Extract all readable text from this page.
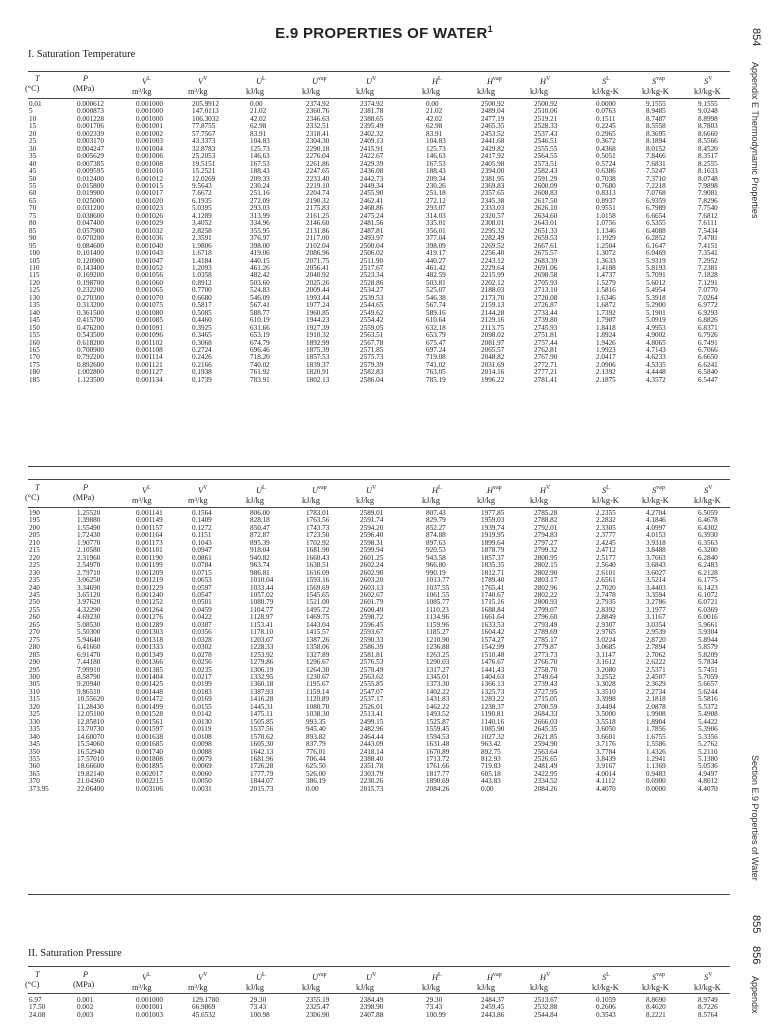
854
Appendix E Thermodynamic Properties
Section E.9 Properties of Water
855
856
Appendix
E.9 PROPERTIES OF WATER$^1$
I. Saturation Temperature
T
(°C)
P
(MPa)
$V^L$
m³/kg
$V^V$
m³/kg
$U^L$
kJ/kg
$U^{vap}$
kJ/kg
$U^V$
kJ/kg
$H^L$
kJ/kg
$H^{vap}$
kJ/kg
$H^V$
kJ/kg
$S^L$
kJ/kg-K
$S^{vap}$
kJ/kg-K
$S^V$
kJ/kg-K
0.01
5
10
15
20
25
30
35
40
45
50
55
60
65
70
75
80
85
90
95
100
105
110
115
120
125
130
135
140
145
150
155
160
165
170
175
180
185
0.000612
0.000873
0.001228
0.001706
0.002339
0.003170
0.004247
0.005629
0.007385
0.009595
0.012400
0.015800
0.019900
0.025000
0.031200
0.038600
0.047400
0.057900
0.070200
0.084600
0.101400
0.120900
0.143400
0.169200
0.198700
0.232200
0.270300
0.313200
0.361500
0.415700
0.476200
0.543500
0.618200
0.700900
0.792200
0.892600
1.002800
1.123500
0.001000
0.001000
0.001000
0.001001
0.001002
0.001003
0.001004
0.001006
0.001008
0.001010
0.001012
0.001015
0.001017
0.001020
0.001023
0.001026
0.001029
0.001032
0.001036
0.001040
0.001043
0.001047
0.001052
0.001056
0.001060
0.001065
0.001070
0.001075
0.001080
0.001085
0.001091
0.001096
0.001102
0.001108
0.001114
0.001121
0.001127
0.001134
205.9912
147.0113
106.3032
77.8755
57.7567
43.3373
32.8783
25.2053
19.5151
15.2521
12.0269
9.5643
7.6672
6.1935
5.0395
4.1289
3.4052
2.8258
2.3591
1.9806
1.6718
1.4184
1.2093
1.0358
0.8912
0.7700
0.6680
0.5817
0.5085
0.4460
0.3925
0.3465
0.3068
0.2724
0.2426
0.2166
0.1938
0.1739
0.00
21.02
42.02
62.98
83.91
104.83
125.73
146.63
167.53
188.43
209.33
230.24
251.16
272.09
293.03
313.99
334.96
355.95
376.97
398.00
419.06
440.15
461.26
482.42
503.60
524.83
546.09
567.41
588.77
610.19
631.66
653.19
674.79
696.46
718.20
740.02
761.92
783.91
2374.92
2360.76
2346.63
2332.51
2318.41
2304.30
2290.18
2276.04
2261.86
2247.65
2233.40
2219.10
2204.74
2190.32
2175.83
2161.25
2146.60
2131.86
2117.00
2102.04
2086.96
2071.75
2056.41
2040.92
2025.26
2009.44
1993.44
1977.24
1960.85
1944.23
1927.39
1910.32
1892.99
1875.39
1857.53
1839.37
1820.91
1802.13
2374.92
2381.78
2388.65
2395.49
2402.32
2409.13
2415.91
2422.67
2429.39
2436.08
2442.73
2449.34
2455.90
2462.41
2468.86
2475.24
2481.56
2487.81
2493.97
2500.04
2506.02
2511.90
2517.67
2523.34
2528.86
2534.27
2539.53
2544.65
2549.62
2554.42
2559.05
2563.51
2567.78
2571.85
2575.73
2579.39
2582.83
2586.04
0.00
21.02
42.02
62.98
83.91
104.83
125.73
146.63
167.53
188.43
209.34
230.26
251.18
272.12
293.07
314.03
335.01
356.01
377.04
398.09
419.17
440.27
461.42
482.59
503.81
525.07
546.38
567.74
589.16
610.64
632.18
653.79
675.47
697.24
719.08
741.02
763.05
785.19
2500.92
2489.04
2477.19
2465.35
2453.52
2441.68
2429.82
2417.92
2405.98
2394.00
2381.95
2369.83
2357.65
2345.38
2333.03
2320.57
2308.01
2295.32
2282.49
2269.52
2256.40
2243.12
2229.64
2215.99
2202.12
2188.03
2173.70
2159.13
2144.28
2129.16
2113.75
2098.02
2081.97
2065.57
2048.82
2031.69
2014.16
1996.22
2500.92
2510.06
2519.21
2528.33
2537.43
2546.51
2555.55
2564.55
2573.51
2582.43
2591.29
2600.09
2608.83
2617.50
2626.10
2634.60
2643.01
2651.33
2659.53
2667.61
2675.57
2683.39
2691.06
2698.58
2705.93
2713.10
2720.08
2726.87
2733.44
2739.80
2745.93
2751.81
2757.44
2762.81
2767.90
2772.71
2777.21
2781.41
0.0000
0.0763
0.1511
0.2245
0.2965
0.3672
0.4368
0.5051
0.5724
0.6386
0.7038
0.7680
0.8313
0.8937
0.9551
1.0158
1.0756
1.1346
1.1929
1.2504
1.3072
1.3633
1.4188
1.4737
1.5279
1.5816
1.6346
1.6872
1.7392
1.7907
1.8418
1.8924
1.9426
1.9923
2.0417
2.0906
2.1392
2.1875
9.1555
8.9485
8.7487
8.5558
8.3695
8.1894
8.0152
7.8466
7.6831
7.5247
7.3710
7.2218
7.0768
6.9359
6.7989
6.6654
6.5355
6.4088
6.2852
6.1647
6.0469
5.9319
5.8193
5.7091
5.6012
5.4954
5.3918
5.2900
5.1901
5.0919
4.9953
4.9002
4.8065
4.7143
4.6233
4.5335
4.4448
4.3572
9.1555
9.0248
8.8998
8.7803
8.6660
8.5566
8.4520
8.3517
8.2555
8.1633
8.0748
7.9898
7.9081
7.8296
7.7540
7.6812
7.6111
7.5434
7.4781
7.4151
7.3541
7.2952
7.2381
7.1828
7.1291
7.0770
7.0264
6.9772
6.9293
6.8826
6.8371
6.7926
6.7491
6.7066
6.6650
6.6241
6.5840
6.5447
T
(°C)
P
(MPa)
$V^L$
m³/kg
$V^V$
m³/kg
$U^L$
kJ/kg
$U^{vap}$
kJ/kg
$U^V$
kJ/kg
$H^L$
kJ/kg
$H^{vap}$
kJ/kg
$H^V$
kJ/kg
$S^L$
kJ/kg-K
$S^{vap}$
kJ/kg-K
$S^V$
kJ/kg-K
190
195
200
205
210
215
220
225
230
235
240
245
250
255
260
265
270
275
280
285
290
295
300
305
310
315
320
325
330
335
340
345
350
355
360
365
370
373.95
1.25520
1.39880
1.55490
1.72430
1.90770
2.10580
2.31960
2.54970
2.79710
3.06250
3.34690
3.65120
3.97620
4.32290
4.69230
5.08530
5.50300
5.94640
6.41660
6.91470
7.44180
7.99910
8.58790
9.20940
9.86510
10.55620
11.28430
12.05100
12.85810
13.70730
14.60070
15.54060
16.52940
17.57010
18.66600
19.82140
21.04360
22.06400
0.001141
0.001149
0.001157
0.001164
0.001173
0.001181
0.001190
0.001199
0.001209
0.001219
0.001229
0.001240
0.001252
0.001264
0.001276
0.001289
0.001303
0.001318
0.001333
0.001349
0.001366
0.001385
0.001404
0.001425
0.001448
0.001472
0.001499
0.001528
0.001561
0.001597
0.001638
0.001685
0.001740
0.001808
0.001895
0.002017
0.002215
0.003106
0.1564
0.1409
0.1272
0.1151
0.1043
0.0947
0.0861
0.0784
0.0715
0.0653
0.0597
0.0547
0.0501
0.0459
0.0422
0.0387
0.0356
0.0328
0.0302
0.0278
0.0256
0.0235
0.0217
0.0199
0.0183
0.0169
0.0155
0.0142
0.0130
0.0119
0.0108
0.0098
0.0088
0.0079
0.0069
0.0060
0.0050
0.0031
806.00
828.18
850.47
872.87
895.39
918.04
940.82
963.74
986.81
1010.04
1033.44
1057.02
1080.79
1104.77
1128.97
1153.41
1178.10
1203.07
1228.33
1253.92
1279.86
1306.19
1332.95
1360.18
1387.93
1416.28
1445.31
1475.11
1505.85
1537.56
1570.62
1605.30
1642.13
1681.96
1726.28
1777.79
1844.07
2015.73
1783.01
1763.56
1743.73
1723.50
1702.92
1681.90
1660.43
1638.51
1616.09
1593.16
1569.69
1545.65
1521.00
1495.72
1469.75
1443.04
1415.57
1387.26
1358.06
1327.89
1296.67
1264.30
1230.67
1195.67
1159.14
1120.89
1080.70
1038.30
993.35
945.40
893.82
837.79
776.01
706.44
625.50
526.00
386.19
0.00
2589.01
2591.74
2594.20
2596.40
2598.31
2599.94
2601.25
2602.24
2602.90
2603.20
2603.13
2602.67
2601.79
2600.49
2598.72
2596.45
2593.67
2590.33
2586.39
2581.81
2576.53
2570.49
2563.62
2555.85
2547.07
2537.17
2526.01
2513.41
2499.15
2482.96
2464.44
2443.09
2418.14
2388.40
2351.78
2303.79
2230.26
2015.73
807.43
829.79
852.27
874.88
897.63
920.53
943.58
966.80
990.19
1013.77
1037.55
1061.55
1085.77
1110.23
1134.96
1159.96
1185.27
1210.90
1236.88
1263.25
1290.03
1317.27
1345.01
1373.30
1402.22
1431.83
1462.22
1493.52
1525.87
1559.45
1594.53
1631.48
1670.89
1713.72
1761.66
1817.77
1890.69
2084.26
1977.85
1959.03
1939.74
1919.95
1899.64
1878.79
1857.37
1835.35
1812.71
1789.40
1765.41
1740.67
1715.16
1688.84
1661.64
1633.53
1604.42
1574.27
1542.99
1510.48
1476.67
1441.43
1404.63
1366.13
1325.73
1283.22
1238.37
1190.81
1140.16
1085.90
1027.32
963.42
892.75
812.93
719.83
605.18
443.83
0.00
2785.28
2788.82
2792.01
2794.83
2797.27
2799.32
2800.95
2802.15
2802.90
2803.17
2802.96
2802.22
2800.93
2799.07
2796.60
2793.49
2789.69
2785.17
2779.87
2773.73
2766.70
2758.70
2749.64
2739.43
2727.95
2715.05
2700.59
2684.33
2666.03
2645.35
2621.85
2594.90
2563.64
2526.65
2481.49
2422.95
2334.52
2084.26
2.2355
2.2832
2.3305
2.3777
2.4245
2.4712
2.5177
2.5640
2.6101
2.6561
2.7020
2.7478
2.7935
2.8392
2.8849
2.9307
2.9765
3.0224
3.0685
3.1147
3.1612
3.2080
3.2552
3.3028
3.3510
3.3998
3.4494
3.5000
3.5518
3.6050
3.6601
3.7176
3.7784
3.8439
3.9167
4.0014
4.1112
4.4070
4.2704
4.1846
4.0997
4.0153
3.9318
3.8488
3.7663
3.6843
3.6027
3.5214
3.4403
3.3594
3.2786
3.1977
3.1167
3.0354
2.9539
2.8720
2.7894
2.7062
2.6222
2.5371
2.4507
2.3629
2.2734
2.1818
2.0878
1.9908
1.8904
1.7856
1.6755
1.5586
1.4326
1.2941
1.1369
0.9483
0.6900
0.0000
6.5059
6.4678
6.4302
6.3930
6.3563
6.3200
6.2840
6.2483
6.2128
6.1775
6.1423
6.1072
6.0721
6.0369
6.0016
5.9661
5.9304
5.8944
5.8579
5.8209
5.7834
5.7451
5.7059
5.6657
5.6244
5.5816
5.5372
5.4908
5.4422
5.3906
5.3356
5.2762
5.2110
5.1380
5.0536
4.9497
4.8012
4.4070
II. Saturation Pressure
T
(°C)
P
(MPa)
$V^L$
m³/kg
$V^V$
m³/kg
$U^L$
kJ/kg
$U^{vap}$
kJ/kg
$U^V$
kJ/kg
$H^L$
kJ/kg
$H^{vap}$
kJ/kg
$H^V$
kJ/kg
$S^L$
kJ/kg-K
$S^{vap}$
kJ/kg-K
$S^V$
kJ/kg-K
6.97
17.50
24.08
0.001
0.002
0.003
0.001000
0.001001
0.001003
129.1780
66.9869
45.6532
29.30
73.43
100.98
2355.19
2325.47
2306.90
2384.49
2398.90
2407.88
29.30
73.43
100.99
2484.37
2459.45
2443.86
2513.67
2532.88
2544.84
0.1059
0.2606
0.3543
8.8690
8.4620
8.2221
8.9749
8.7226
8.5764
